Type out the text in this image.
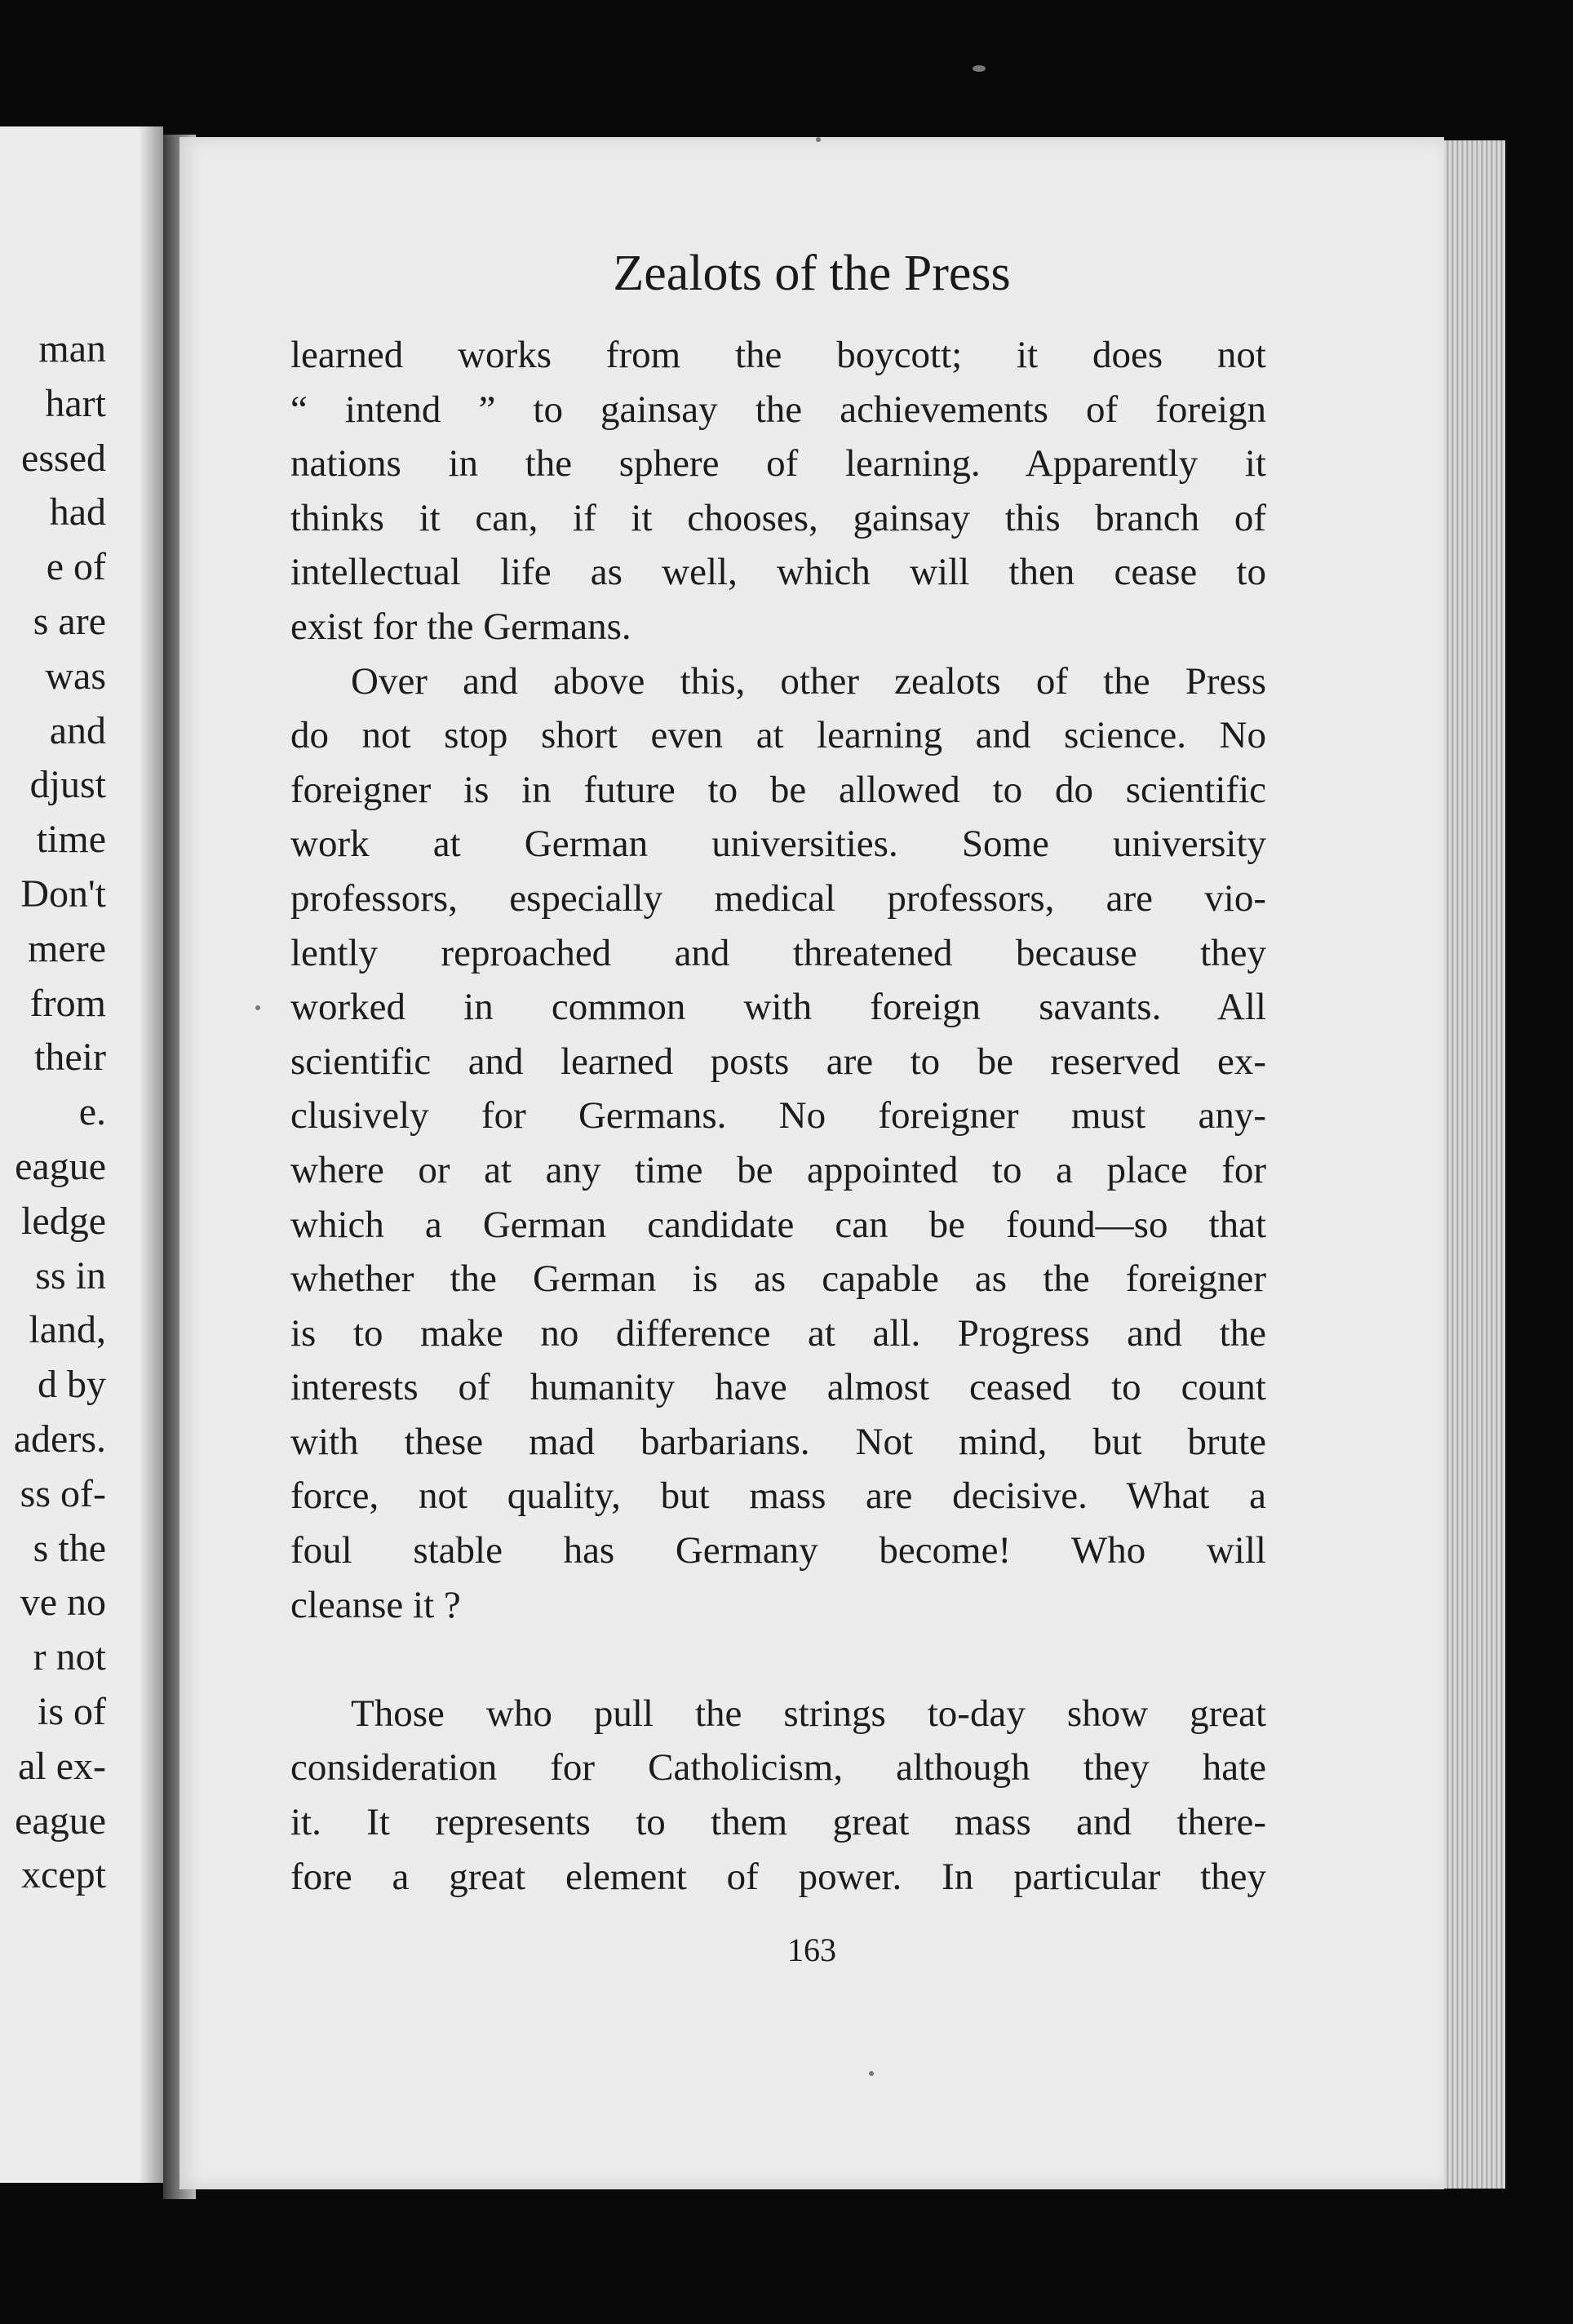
man
hart
essed
had
e of
s are
was
and
djust
time
Don't
mere
from
their
e.
eague
ledge
ss in
land,
d by
aders.
ss of-
s the
ve no
r not
is of
al ex-
eague
xcept
Zealots of the Press
learned works from the boycott; it does not
“ intend ” to gainsay the achievements of foreign
nations in the sphere of learning. Apparently it
thinks it can, if it chooses, gainsay this branch of
intellectual life as well, which will then cease to
exist for the Germans.
Over and above this, other zealots of the Press
do not stop short even at learning and science. No
foreigner is in future to be allowed to do scientific
work at German universities. Some university
professors, especially medical professors, are vio-
lently reproached and threatened because they
worked in common with foreign savants. All
scientific and learned posts are to be reserved ex-
clusively for Germans. No foreigner must any-
where or at any time be appointed to a place for
which a German candidate can be found—so that
whether the German is as capable as the foreigner
is to make no difference at all. Progress and the
interests of humanity have almost ceased to count
with these mad barbarians. Not mind, but brute
force, not quality, but mass are decisive. What a
foul stable has Germany become! Who will
cleanse it ?
Those who pull the strings to-day show great
consideration for Catholicism, although they hate
it. It represents to them great mass and there-
fore a great element of power. In particular they
163
